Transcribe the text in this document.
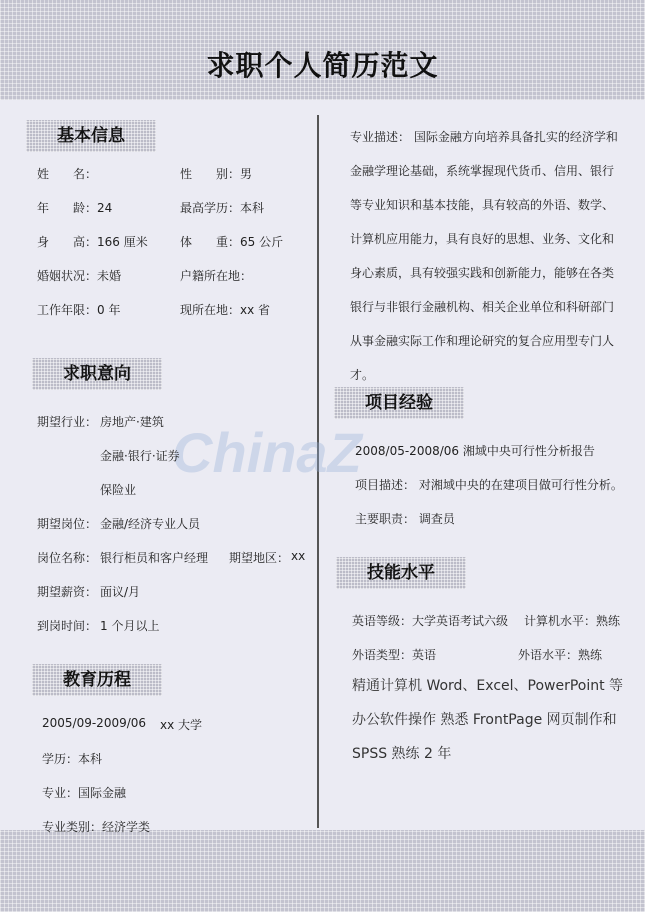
求职个人简历范文
ChinaZ
基本信息
姓　　名：	性　　别：男
年　　龄：24	最高学历：本科
身　　高：166 厘米	体　　重：65 公斤
婚姻状况：未婚	户籍所在地：
工作年限：0 年	现所在地：xx 省
求职意向
期望行业： 房地产·建筑
金融·银行·证券
保险业
期望岗位： 金融/经济专业人员
岗位名称： 银行柜员和客户经理 期望地区： xx
期望薪资： 面议/月
到岗时间： 1 个月以上
教育历程
2005/09-2009/06 xx 大学
学历：本科
专业：国际金融
专业类别：经济学类
专业描述： 国际金融方向培养具备扎实的经济学和金融学理论基础，系统掌握现代货币、信用、银行等专业知识和基本技能，具有较高的外语、数学、计算机应用能力，具有良好的思想、业务、文化和身心素质，具有较强实践和创新能力，能够在各类银行与非银行金融机构、相关企业单位和科研部门从事金融实际工作和理论研究的复合应用型专门人才。
项目经验
2008/05-2008/06 湘域中央可行性分析报告
项目描述： 对湘域中央的在建项目做可行性分析。
主要职责： 调查员
技能水平
英语等级：大学英语考试六级 计算机水平：熟练
外语类型：英语	外语水平：熟练
精通计算机 Word、Excel、PowerPoint 等办公软件操作 熟悉 FrontPage 网页制作和 SPSS 熟练 2 年
